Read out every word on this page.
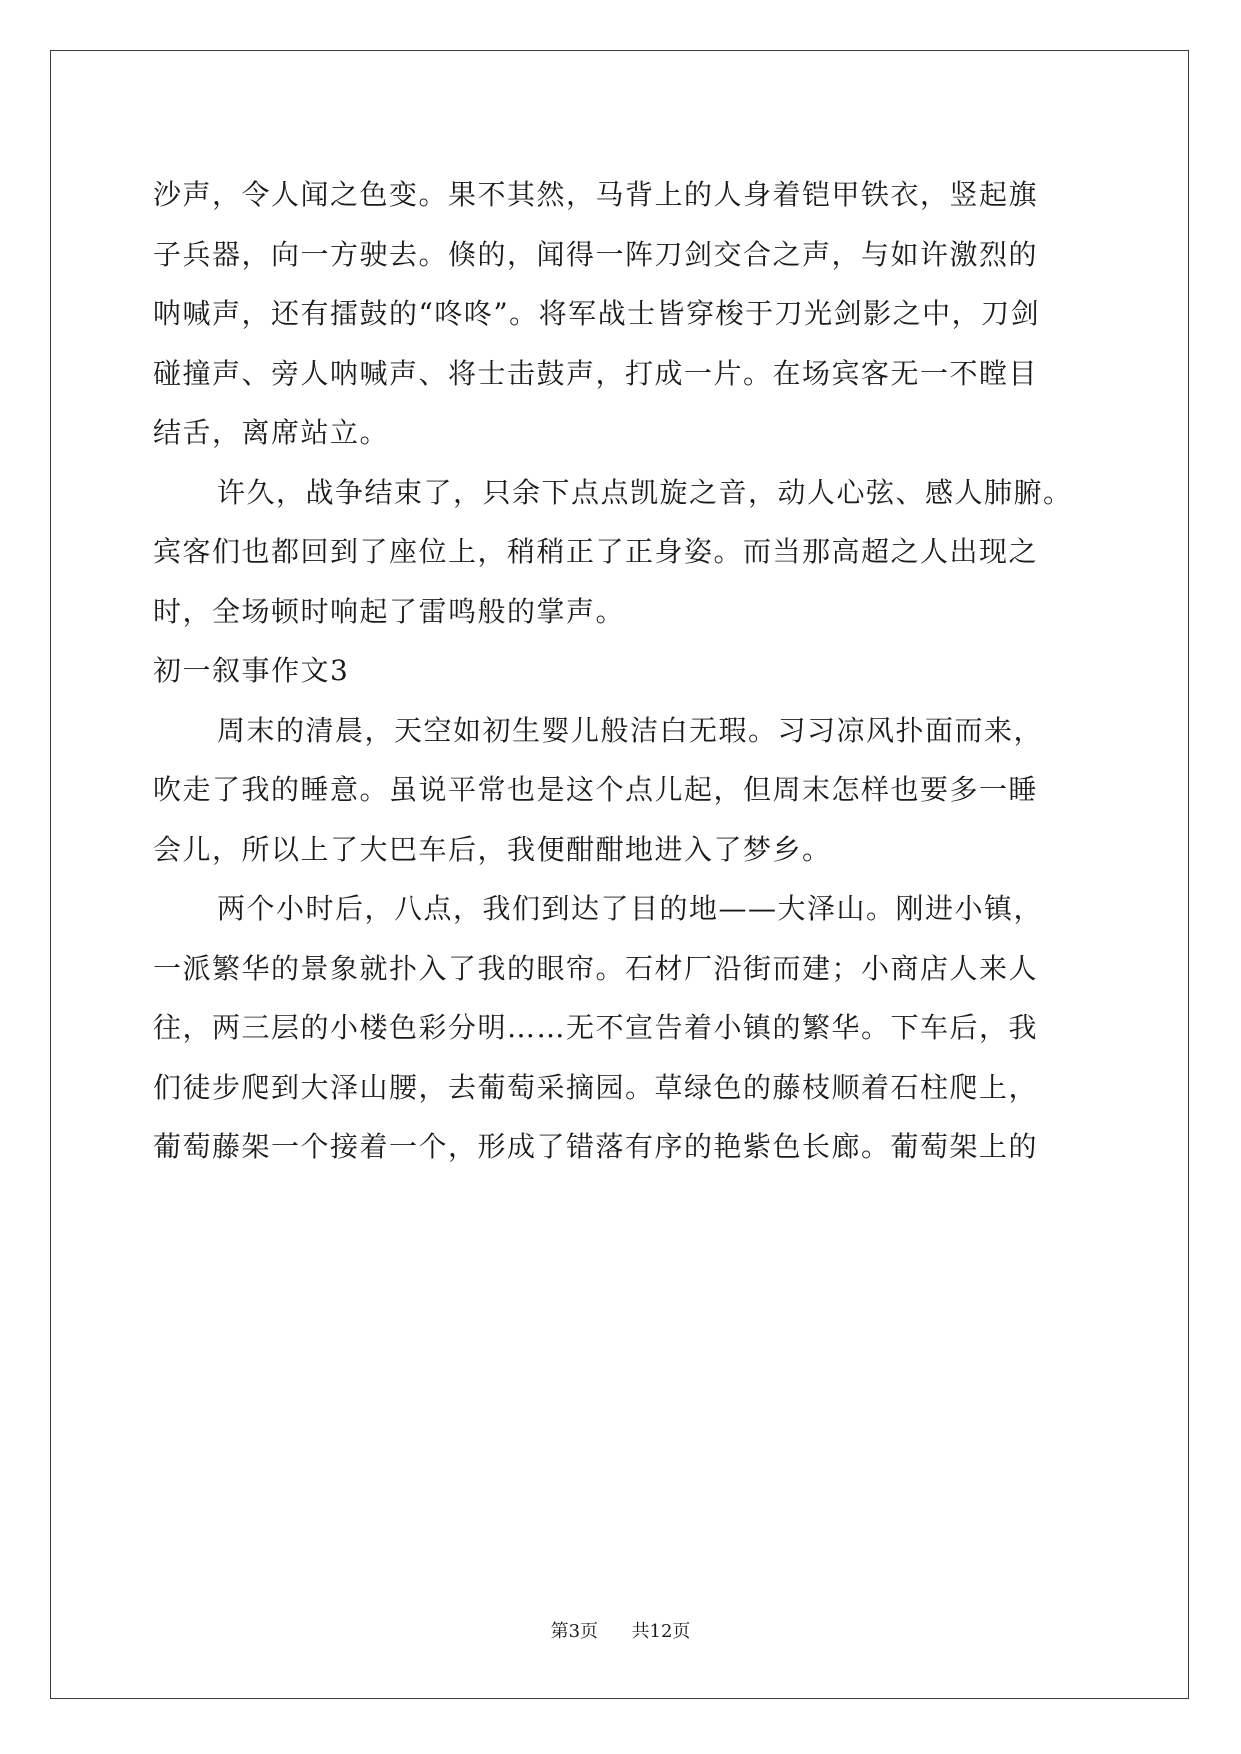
沙声，令人闻之色变。果不其然，马背上的人身着铠甲铁衣，竖起旗
子兵器，向一方驶去。倏的，闻得一阵刀剑交合之声，与如许激烈的
呐喊声，还有擂鼓的“咚咚”。将军战士皆穿梭于刀光剑影之中，刀剑
碰撞声、旁人呐喊声、将士击鼓声，打成一片。在场宾客无一不瞠目
结舌，离席站立。
许久，战争结束了，只余下点点凯旋之音，动人心弦、感人肺腑。
宾客们也都回到了座位上，稍稍正了正身姿。而当那高超之人出现之
时，全场顿时响起了雷鸣般的掌声。
初一叙事作文3
周末的清晨，天空如初生婴儿般洁白无瑕。习习凉风扑面而来，
吹走了我的睡意。虽说平常也是这个点儿起，但周末怎样也要多一睡
会儿，所以上了大巴车后，我便酣酣地进入了梦乡。
两个小时后，八点，我们到达了目的地——大泽山。刚进小镇，
一派繁华的景象就扑入了我的眼帘。石材厂沿街而建；小商店人来人
往，两三层的小楼色彩分明……无不宣告着小镇的繁华。下车后，我
们徒步爬到大泽山腰，去葡萄采摘园。草绿色的藤枝顺着石柱爬上，
葡萄藤架一个接着一个，形成了错落有序的艳紫色长廊。葡萄架上的
第3页 共12页
